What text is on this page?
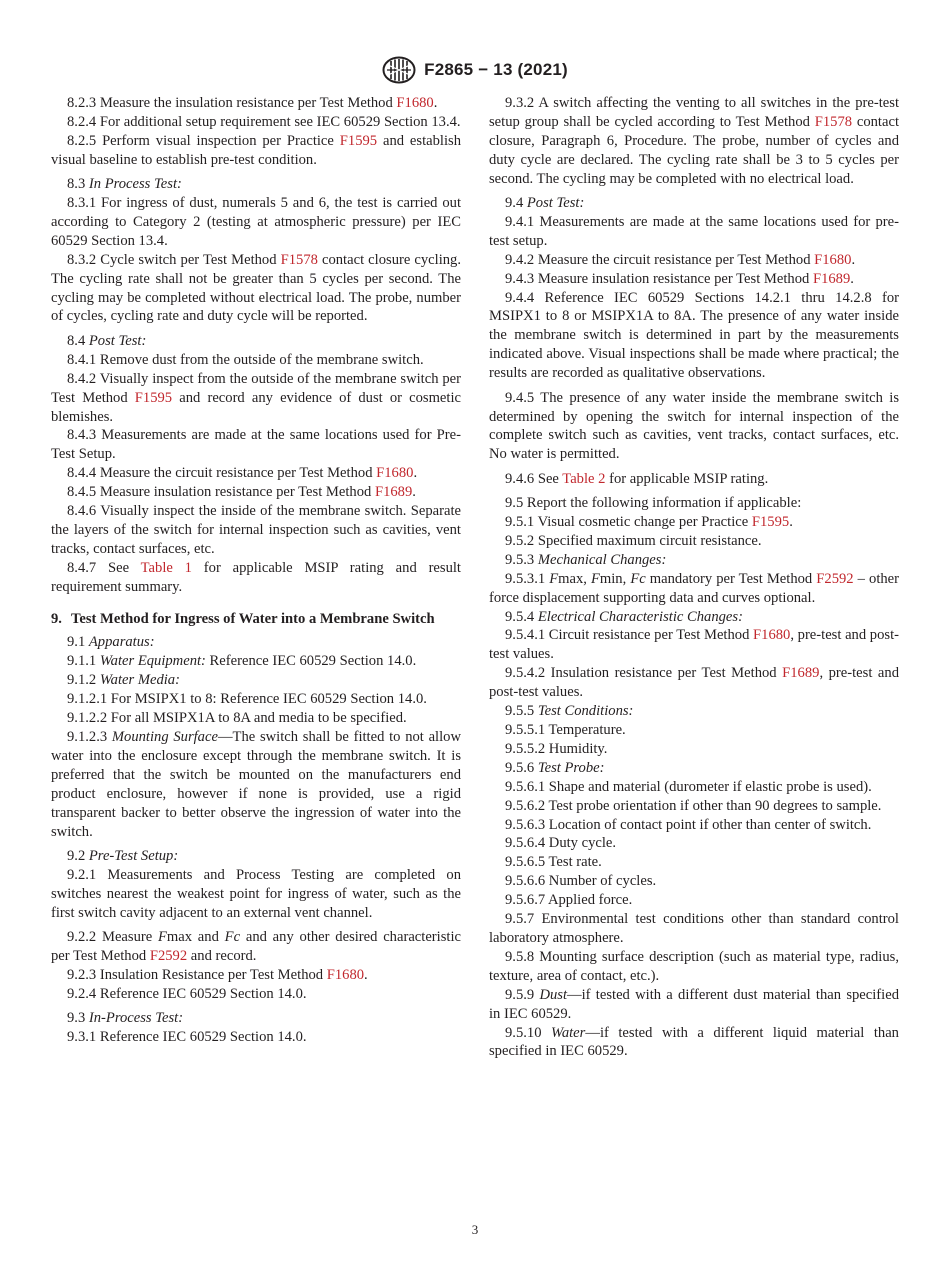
F2865 − 13 (2021)

8.2.3 Measure the insulation resistance per Test Method F1680.

8.2.4 For additional setup requirement see IEC 60529 Section 13.4.

8.2.5 Perform visual inspection per Practice F1595 and establish visual baseline to establish pre-test condition.

8.3 In Process Test:

8.3.1 For ingress of dust, numerals 5 and 6, the test is carried out according to Category 2 (testing at atmospheric pressure) per IEC 60529 Section 13.4.

8.3.2 Cycle switch per Test Method F1578 contact closure cycling. The cycling rate shall not be greater than 5 cycles per second. The cycling may be completed without electrical load. The probe, number of cycles, cycling rate and duty cycle will be reported.

8.4 Post Test:

8.4.1 Remove dust from the outside of the membrane switch.

8.4.2 Visually inspect from the outside of the membrane switch per Test Method F1595 and record any evidence of dust or cosmetic blemishes.

8.4.3 Measurements are made at the same locations used for Pre-Test Setup.

8.4.4 Measure the circuit resistance per Test Method F1680.

8.4.5 Measure insulation resistance per Test Method F1689.

8.4.6 Visually inspect the inside of the membrane switch. Separate the layers of the switch for internal inspection such as cavities, vent tracks, contact surfaces, etc.

8.4.7 See Table 1 for applicable MSIP rating and result requirement summary.

9. Test Method for Ingress of Water into a Membrane Switch

9.1 Apparatus:

9.1.1 Water Equipment: Reference IEC 60529 Section 14.0.

9.1.2 Water Media:

9.1.2.1 For MSIPX1 to 8: Reference IEC 60529 Section 14.0.

9.1.2.2 For all MSIPX1A to 8A and media to be specified.

9.1.2.3 Mounting Surface—The switch shall be fitted to not allow water into the enclosure except through the membrane switch. It is preferred that the switch be mounted on the manufacturers end product enclosure, however if none is provided, use a rigid transparent backer to better observe the ingression of water into the switch.

9.2 Pre-Test Setup:

9.2.1 Measurements and Process Testing are completed on switches nearest the weakest point for ingress of water, such as the first switch cavity adjacent to an external vent channel.

9.2.2 Measure Fmax and Fc and any other desired characteristic per Test Method F2592 and record.

9.2.3 Insulation Resistance per Test Method F1680.

9.2.4 Reference IEC 60529 Section 14.0.

9.3 In-Process Test:

9.3.1 Reference IEC 60529 Section 14.0.

9.3.2 A switch affecting the venting to all switches in the pre-test setup group shall be cycled according to Test Method F1578 contact closure, Paragraph 6, Procedure. The probe, number of cycles and duty cycle are declared. The cycling rate shall be 3 to 5 cycles per second. The cycling may be completed with no electrical load.

9.4 Post Test:

9.4.1 Measurements are made at the same locations used for pre-test setup.

9.4.2 Measure the circuit resistance per Test Method F1680.

9.4.3 Measure insulation resistance per Test Method F1689.

9.4.4 Reference IEC 60529 Sections 14.2.1 thru 14.2.8 for MSIPX1 to 8 or MSIPX1A to 8A. The presence of any water inside the membrane switch is determined in part by the measurements indicated above. Visual inspections shall be made where practical; the results are recorded as qualitative observations.

9.4.5 The presence of any water inside the membrane switch is determined by opening the switch for internal inspection of the complete switch such as cavities, vent tracks, contact surfaces, etc. No water is permitted.

9.4.6 See Table 2 for applicable MSIP rating.

9.5 Report the following information if applicable:

9.5.1 Visual cosmetic change per Practice F1595.

9.5.2 Specified maximum circuit resistance.

9.5.3 Mechanical Changes:

9.5.3.1 Fmax, Fmin, Fc mandatory per Test Method F2592 – other force displacement supporting data and curves optional.

9.5.4 Electrical Characteristic Changes:

9.5.4.1 Circuit resistance per Test Method F1680, pre-test and post-test values.

9.5.4.2 Insulation resistance per Test Method F1689, pre-test and post-test values.

9.5.5 Test Conditions:

9.5.5.1 Temperature.

9.5.5.2 Humidity.

9.5.6 Test Probe:

9.5.6.1 Shape and material (durometer if elastic probe is used).

9.5.6.2 Test probe orientation if other than 90 degrees to sample.

9.5.6.3 Location of contact point if other than center of switch.

9.5.6.4 Duty cycle.

9.5.6.5 Test rate.

9.5.6.6 Number of cycles.

9.5.6.7 Applied force.

9.5.7 Environmental test conditions other than standard control laboratory atmosphere.

9.5.8 Mounting surface description (such as material type, radius, texture, area of contact, etc.).

9.5.9 Dust—if tested with a different dust material than specified in IEC 60529.

9.5.10 Water—if tested with a different liquid material than specified in IEC 60529.

3
